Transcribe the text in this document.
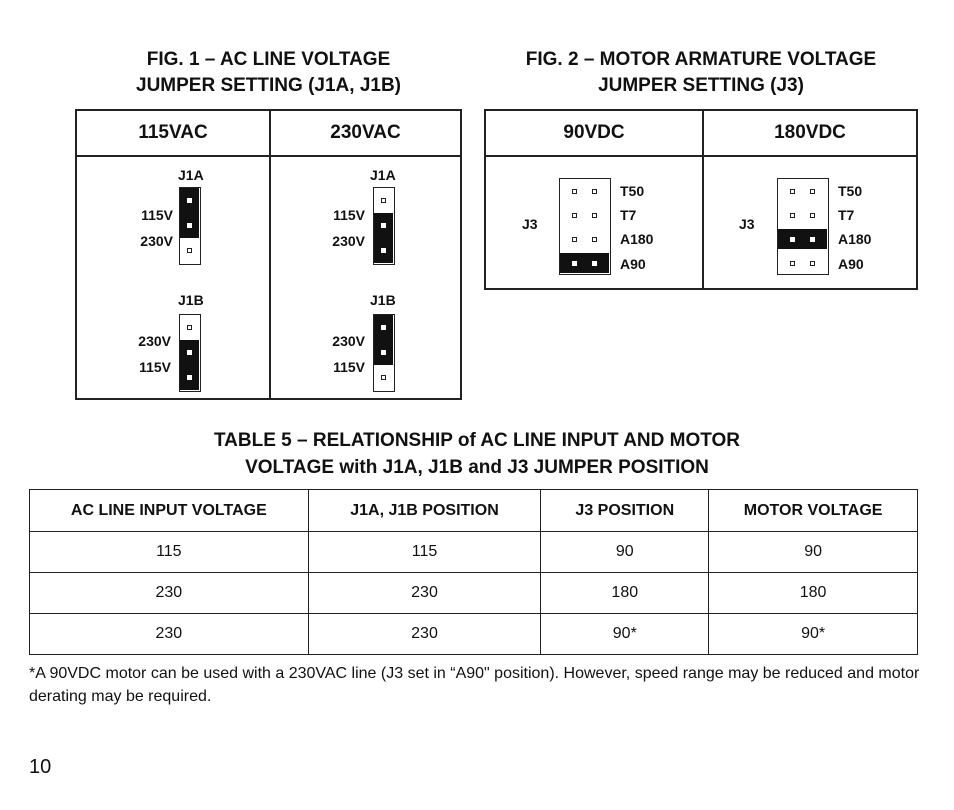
FIG. 1 – AC LINE VOLTAGE
JUMPER SETTING (J1A, J1B)
FIG. 2 – MOTOR ARMATURE VOLTAGE
JUMPER SETTING (J3)
115VAC	230VAC
J1A
115V
230V
J1B
230V
115V
J1A
115V
230V
J1B
230V
115V
90VDC	180VDC
J3
T50
T7
A180
A90
J3
T50
T7
A180
A90
TABLE 5 – RELATIONSHIP of AC LINE INPUT AND MOTOR
VOLTAGE with J1A, J1B and J3 JUMPER POSITION
AC LINE INPUT VOLTAGE	J1A, J1B POSITION	J3 POSITION	MOTOR VOLTAGE
115	115	90	90
230	230	180	180
230	230	90*	90*
*A 90VDC motor can be used with a 230VAC line (J3 set in “A90" position). However, speed range may be reduced and motor derating may be required.
10
